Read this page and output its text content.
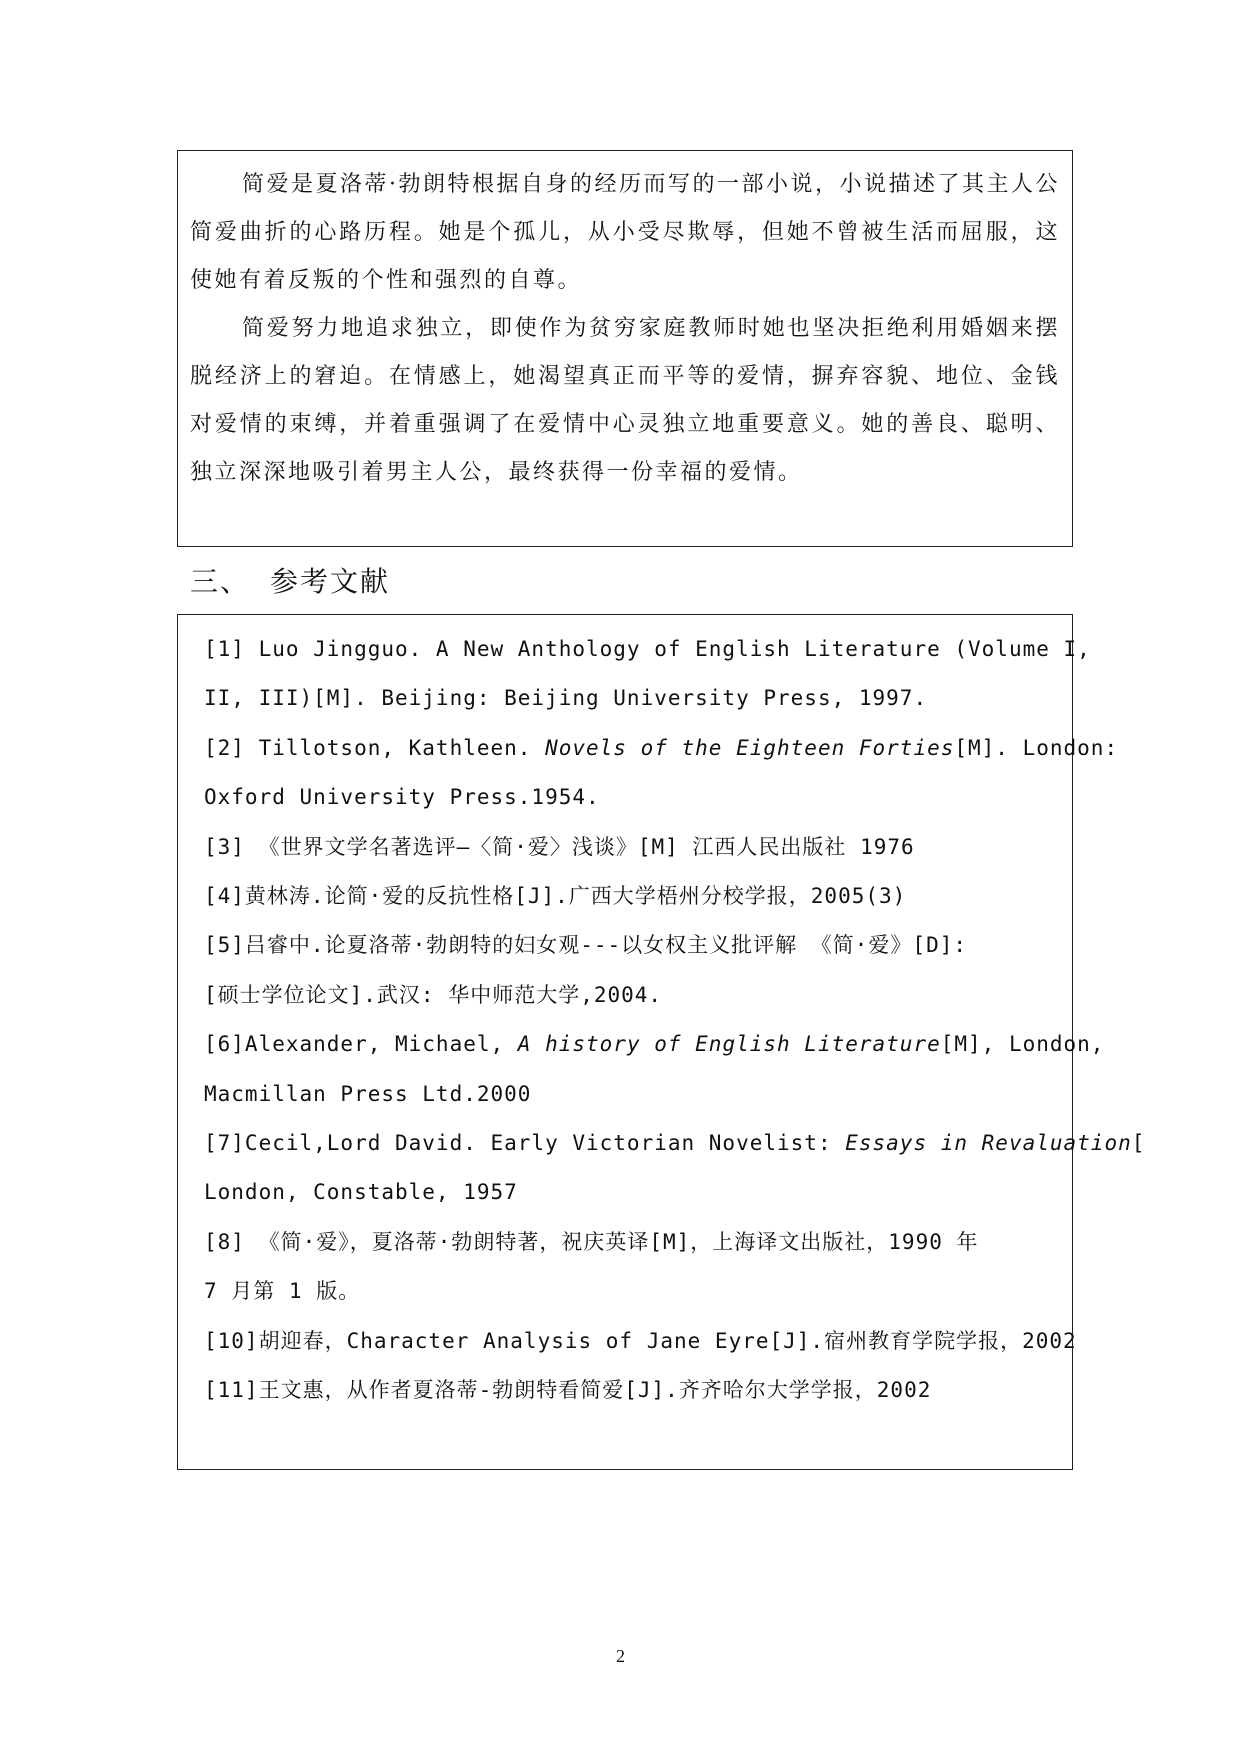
简爱是夏洛蒂·勃朗特根据自身的经历而写的一部小说，小说描述了其主人公简爱曲折的心路历程。她是个孤儿，从小受尽欺辱，但她不曾被生活而屈服，这使她有着反叛的个性和强烈的自尊。

简爱努力地追求独立，即使作为贫穷家庭教师时她也坚决拒绝利用婚姻来摆脱经济上的窘迫。在情感上，她渴望真正而平等的爱情，摒弃容貌、地位、金钱对爱情的束缚，并着重强调了在爱情中心灵独立地重要意义。她的善良、聪明、独立深深地吸引着男主人公，最终获得一份幸福的爱情。

三、 参考文献

[1] Luo Jingguo. A New Anthology of English Literature (Volume I,

II, III)[M]. Beijing: Beijing University Press, 1997.

[2] Tillotson, Kathleen. Novels of the Eighteen Forties[M]. London:

Oxford University Press.1954.

[3] 《世界文学名著选评—〈简·爱〉浅谈》[M] 江西人民出版社 1976

[4]黄林涛.论简·爱的反抗性格[J].广西大学梧州分校学报，2005(3)

[5]吕睿中.论夏洛蒂·勃朗特的妇女观---以女权主义批评解 《简·爱》[D]:

[硕士学位论文].武汉: 华中师范大学,2004.

[6]Alexander, Michael, A history of English Literature[M], London,

Macmillan Press Ltd.2000

[7]Cecil,Lord David. Early Victorian Novelist: Essays in Revaluation[

London, Constable, 1957

[8] 《简·爱》，夏洛蒂·勃朗特著，祝庆英译[M]，上海译文出版社，1990 年

7 月第 1 版。

[10]胡迎春，Character Analysis of Jane Eyre[J].宿州教育学院学报，2002

[11]王文惠，从作者夏洛蒂-勃朗特看简爱[J].齐齐哈尔大学学报，2002

2
